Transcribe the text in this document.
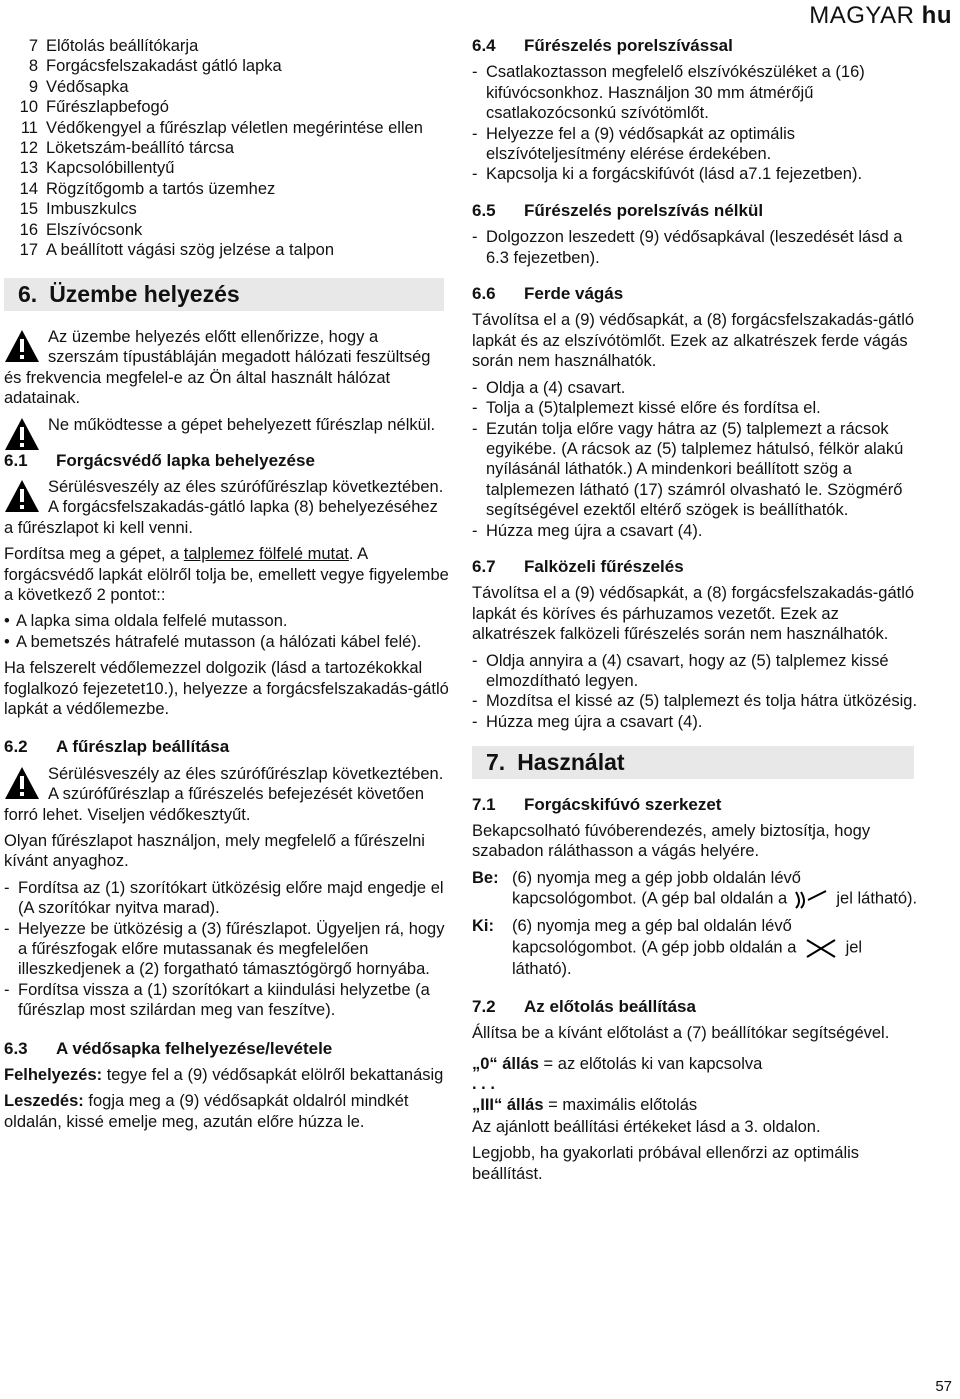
MAGYAR hu
7 Előtolás beállítókarja
8 Forgácsfelszakadást gátló lapka
9 Védősapka
10 Fűrészlapbefogó
11 Védőkengyel a fűrészlap véletlen megérintése ellen
12 Löketszám-beállító tárcsa
13 Kapcsolóbillentyű
14 Rögzítőgomb a tartós üzemhez
15 Imbuszkulcs
16 Elszívócsonk
17 A beállított vágási szög jelzése a talpon
6. Üzembe helyezés
Az üzembe helyezés előtt ellenőrizze, hogy a szerszám típustábláján megadott hálózati feszültség és frekvencia megfelel-e az Ön által használt hálózat adatainak.
Ne működtesse a gépet behelyezett fűrészlap nélkül.
6.1 Forgácsvédő lapka behelyezése
Sérülésveszély az éles szúrófűrészlap következtében. A forgácsfelszakadás-gátló lapka (8) behelyezéséhez a fűrészlapot ki kell venni.

Fordítsa meg a gépet, a talplemez fölfelé mutat. A forgácsvédő lapkát elölről tolja be, emellett vegye figyelembe a következő 2 pontot::

• A lapka sima oldala felfelé mutasson.
• A bemetszés hátrafelé mutasson (a hálózati kábel felé).

Ha felszerelt védőlemezzel dolgozik (lásd a tartozékokkal foglalkozó fejezetet10.), helyezze a forgácsfelszakadás-gátló lapkát a védőlemezbe.

6.2 A fűrészlap beállítása
Sérülésveszély az éles szúrófűrészlap következtében. A szúrófűrészlap a fűrészelés befejezését követően forró lehet. Viseljen védőkesztyűt.

Olyan fűrészlapot használjon, mely megfelelő a fűrészelni kívánt anyaghoz.

- Fordítsa az (1) szorítókart ütközésig előre majd engedje el (A szorítókar nyitva marad).
- Helyezze be ütközésig a (3) fűrészlapot. Ügyeljen rá, hogy a fűrészfogak előre mutassanak és megfelelően illeszkedjenek a (2) forgatható támasztógörgő hornyába.
- Fordítsa vissza a (1) szorítókart a kiindulási helyzetbe (a fűrészlap most szilárdan meg van feszítve).
6.3 A védősapka felhelyezése/levétele

Felhelyezés: tegye fel a (9) védősapkát elölről bekattanásig

Leszedés: fogja meg a (9) védősapkát oldalról mindkét oldalán, kissé emelje meg, azután előre húzza le.

6.4 Fűrészelés porelszívással
- Csatlakoztasson megfelelő elszívókészüléket a (16) kifúvócsonkhoz. Használjon 30 mm átmérőjű csatlakozócsonkú szívótömlőt.
- Helyezze fel a (9) védősapkát az optimális elszívóteljesítmény elérése érdekében.
- Kapcsolja ki a forgácskifúvót (lásd a7.1 fejezetben).
6.5 Fűrészelés porelszívás nélkül
- Dolgozzon leszedett (9) védősapkával (leszedését lásd a 6.3 fejezetben).
6.6 Ferde vágás

Távolítsa el a (9) védősapkát, a (8) forgácsfelszakadás-gátló lapkát és az elszívótömlőt. Ezek az alkatrészek ferde vágás során nem használhatók.

- Oldja a (4) csavart.
- Tolja a (5)talplemezt kissé előre és fordítsa el.
- Ezután tolja előre vagy hátra az (5) talplemezt a rácsok egyikébe. (A rácsok az (5) talplemez hátulsó, félkör alakú nyílásánál láthatók.) A mindenkori beállított szög a talplemezen látható (17) számról olvasható le. Szögmérő segítségével ezektől eltérő szögek is beállíthatók.
- Húzza meg újra a csavart (4).
6.7 Falközeli fűrészelés

Távolítsa el a (9) védősapkát, a (8) forgácsfelszakadás-gátló lapkát és köríves és párhuzamos vezetőt. Ezek az alkatrészek falközeli fűrészelés során nem használhatók.

- Oldja annyira a (4) csavart, hogy az (5) talplemez kissé elmozdítható legyen.
- Mozdítsa el kissé az (5) talplemezt és tolja hátra ütközésig.
- Húzza meg újra a csavart (4).
7. Használat
7.1 Forgácskifúvó szerkezet

Bekapcsolható fúvóberendezés, amely biztosítja, hogy szabadon ráláthasson a vágás helyére.

Be: (6) nyomja meg a gép jobb oldalán lévő kapcsológombot. (A gép bal oldalán a	jel látható).
Ki:	(6) nyomja meg a gép bal oldalán lévő kapcsológombot. (A gép jobb oldalán a	jel látható).
7.2 Az előtolás beállítása

Állítsa be a kívánt előtolást a (7) beállítókar segítségével.

„0“ állás = az előtolás ki van kapcsolva

. . .

„III“ állás = maximális előtolás

Az ajánlott beállítási értékeket lásd a 3. oldalon.

Legjobb, ha gyakorlati próbával ellenőrzi az optimális beállítást.

57
